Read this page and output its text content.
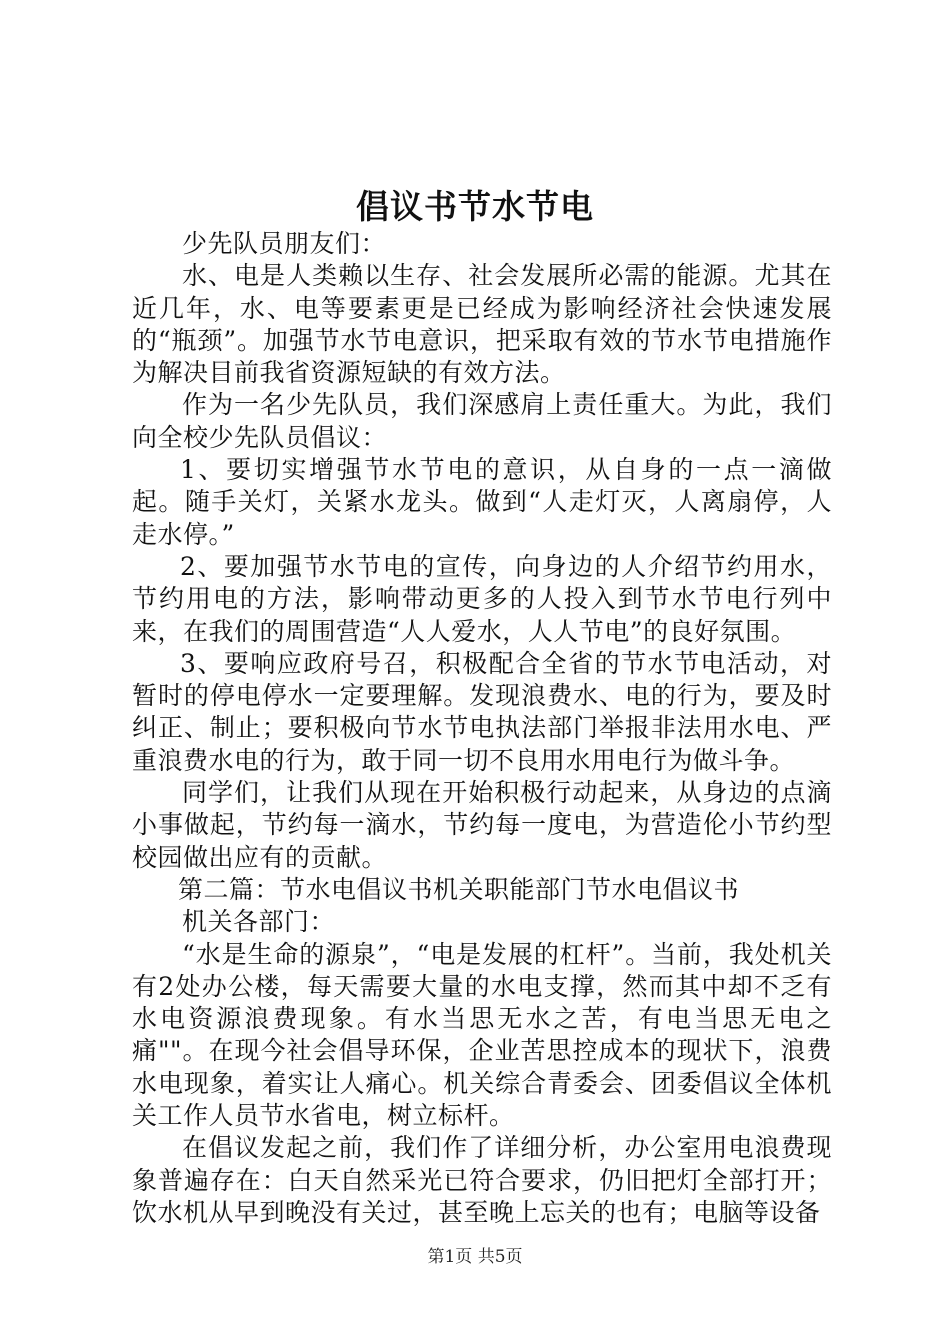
倡议书节水节电

少先队员朋友们：

水、电是人类赖以生存、社会发展所必需的能源。尤其在近几年，水、电等要素更是已经成为影响经济社会快速发展的“瓶颈”。加强节水节电意识，把采取有效的节水节电措施作为解决目前我省资源短缺的有效方法。

作为一名少先队员，我们深感肩上责任重大。为此，我们向全校少先队员倡议：

1、要切实增强节水节电的意识，从自身的一点一滴做起。随手关灯，关紧水龙头。做到“人走灯灭，人离扇停，人走水停。”

2、要加强节水节电的宣传，向身边的人介绍节约用水，节约用电的方法，影响带动更多的人投入到节水节电行列中来，在我们的周围营造“人人爱水，人人节电”的良好氛围。

3、要响应政府号召，积极配合全省的节水节电活动，对暂时的停电停水一定要理解。发现浪费水、电的行为，要及时纠正、制止；要积极向节水节电执法部门举报非法用水电、严重浪费水电的行为，敢于同一切不良用水用电行为做斗争。

同学们，让我们从现在开始积极行动起来，从身边的点滴小事做起，节约每一滴水，节约每一度电，为营造伦小节约型校园做出应有的贡献。

第二篇：节水电倡议书机关职能部门节水电倡议书

机关各部门：

“水是生命的源泉”，“电是发展的杠杆”。当前，我处机关有2处办公楼，每天需要大量的水电支撑，然而其中却不乏有水电资源浪费现象。有水当思无水之苦，有电当思无电之痛""。在现今社会倡导环保，企业苦思控成本的现状下，浪费水电现象，着实让人痛心。机关综合青委会、团委倡议全体机关工作人员节水省电，树立标杆。

在倡议发起之前，我们作了详细分析，办公室用电浪费现象普遍存在：白天自然采光已符合要求，仍旧把灯全部打开；饮水机从早到晚没有关过，甚至晚上忘关的也有；电脑等设备

第1页 共5页
